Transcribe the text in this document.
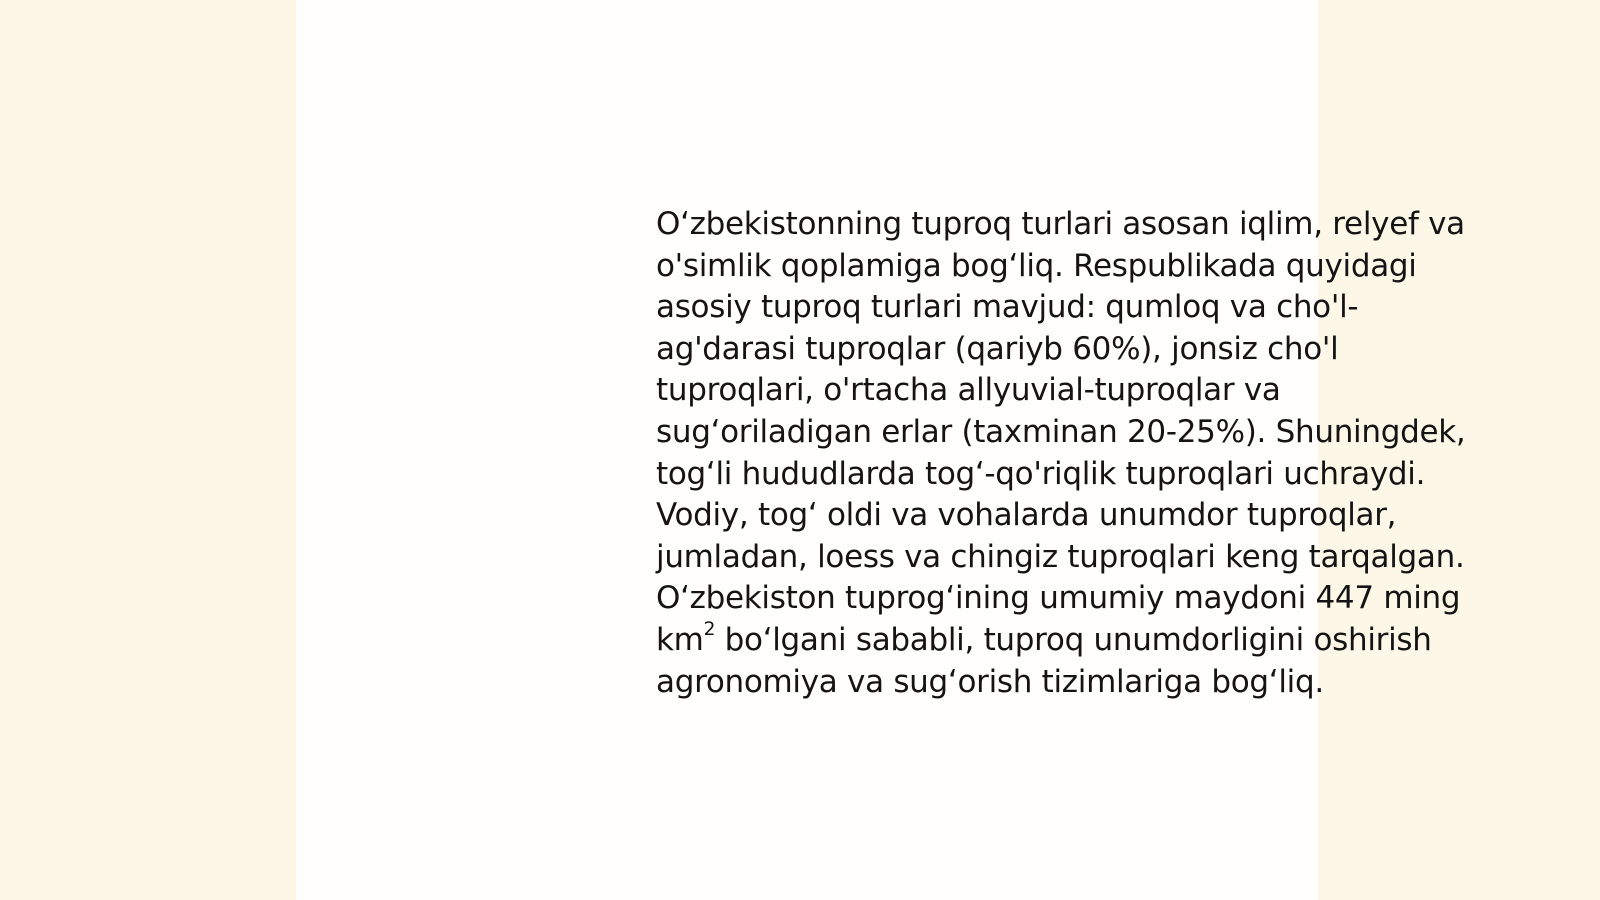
O‘zbekistonning tuproq turlari asosan iqlim, relyef va
o'simlik qoplamiga bog‘liq. Respublikada quyidagi
asosiy tuproq turlari mavjud: qumloq va cho'l-
ag'darasi tuproqlar (qariyb 60%), jonsiz cho'l
tuproqlari, o'rtacha allyuvial-tuproqlar va
sug‘oriladigan erlar (taxminan 20-25%). Shuningdek,
tog‘li hududlarda tog‘-qo'riqlik tuproqlari uchraydi.
Vodiy, tog‘ oldi va vohalarda unumdor tuproqlar,
jumladan, loess va chingiz tuproqlari keng tarqalgan.
O‘zbekiston tuprog‘ining umumiy maydoni 447 ming
$km^2$ bo‘lgani sababli, tuproq unumdorligini oshirish
agronomiya va sug‘orish tizimlariga bog‘liq.
